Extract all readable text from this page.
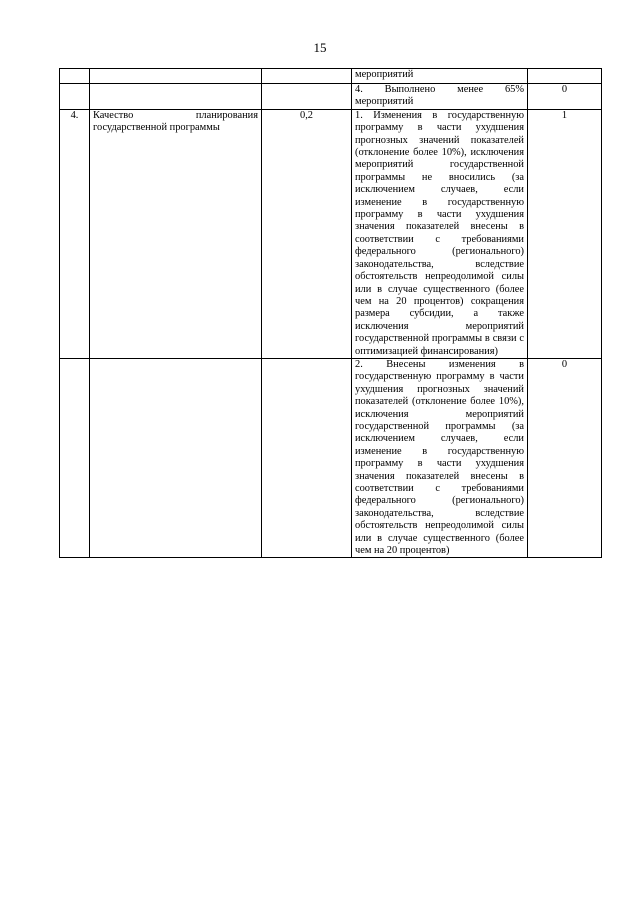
15
			мероприятий	
			4. Выполнено менее 65% мероприятий	0
4.	Качество планирования государственной программы	0,2	1. Изменения в государственную программу в части ухудшения прогнозных значений показателей (отклонение более 10%), исключения мероприятий государственной программы не вносились (за исключением случаев, если изменение в государственную программу в части ухудшения значения показателей внесены в соответствии с требованиями федерального (регионального) законодательства, вследствие обстоятельств непреодолимой силы или в случае существенного (более чем на 20 процентов) сокращения размера субсидии, а также исключения мероприятий государственной программы в связи с оптимизацией финансирования)	1
			2. Внесены изменения в государственную программу в части ухудшения прогнозных значений показателей (отклонение более 10%), исключения мероприятий государственной программы (за исключением случаев, если изменение в государственную программу в части ухудшения значения показателей внесены в соответствии с требованиями федерального (регионального) законодательства, вследствие обстоятельств непреодолимой силы или в случае существенного (более чем на 20 процентов)	0
